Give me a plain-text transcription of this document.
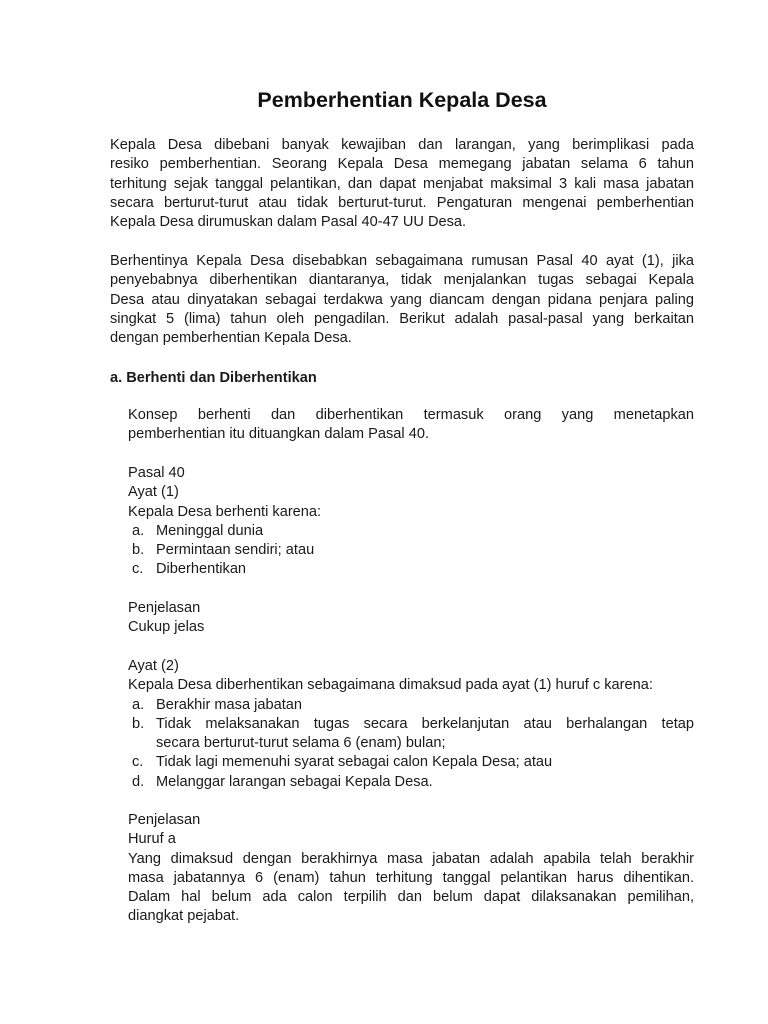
Pemberhentian Kepala Desa

Kepala Desa dibebani banyak kewajiban dan larangan, yang berimplikasi pada

resiko pemberhentian. Seorang Kepala Desa memegang jabatan selama 6 tahun

terhitung sejak tanggal pelantikan, dan dapat menjabat maksimal 3 kali masa jabatan

secara berturut-turut atau tidak berturut-turut. Pengaturan mengenai pemberhentian

Kepala Desa dirumuskan dalam Pasal 40-47 UU Desa.

Berhentinya Kepala Desa disebabkan sebagaimana rumusan Pasal 40 ayat (1), jika

penyebabnya diberhentikan diantaranya, tidak menjalankan tugas sebagai Kepala

Desa atau dinyatakan sebagai terdakwa yang diancam dengan pidana penjara paling

singkat 5 (lima) tahun oleh pengadilan. Berikut adalah pasal-pasal yang berkaitan

dengan pemberhentian Kepala Desa.

a. Berhenti dan Diberhentikan

Konsep berhenti dan diberhentikan termasuk orang yang menetapkan

pemberhentian itu dituangkan dalam Pasal 40.

Pasal 40

Ayat (1)

Kepala Desa berhenti karena:

a. Meninggal dunia
b. Permintaan sendiri; atau
c. Diberhentikan

Penjelasan

Cukup jelas

Ayat (2)

Kepala Desa diberhentikan sebagaimana dimaksud pada ayat (1) huruf c karena:

a. Berakhir masa jabatan
b. Tidak melaksanakan tugas secara berkelanjutan atau berhalangan tetap

secara berturut-turut selama 6 (enam) bulan;

c. Tidak lagi memenuhi syarat sebagai calon Kepala Desa; atau
d. Melanggar larangan sebagai Kepala Desa.

Penjelasan

Huruf a

Yang dimaksud dengan berakhirnya masa jabatan adalah apabila telah berakhir

masa jabatannya 6 (enam) tahun terhitung tanggal pelantikan harus dihentikan.

Dalam hal belum ada calon terpilih dan belum dapat dilaksanakan pemilihan,

diangkat pejabat.
